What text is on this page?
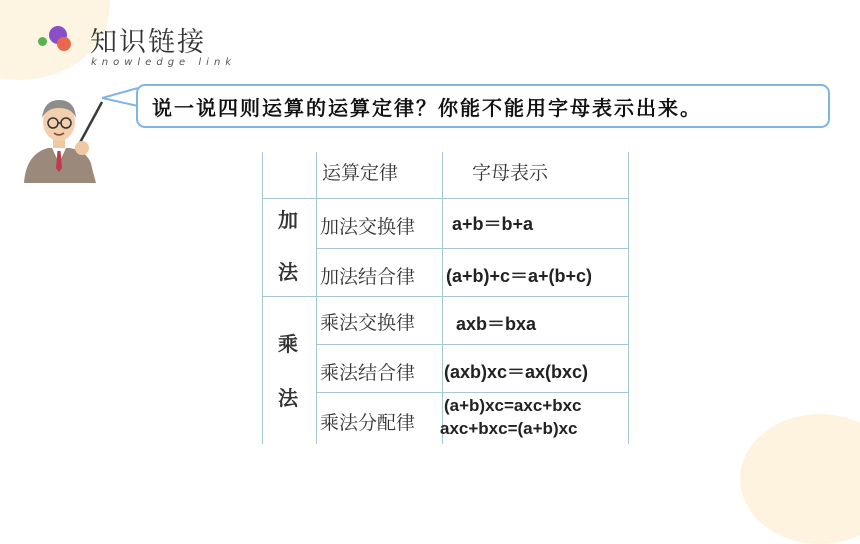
知识链接
knowledge link
说一说四则运算的运算定律？你能不能用字母表示出来。
运算定律	字母表示
加
法
乘
法
加法交换律 a+b＝b+a
加法结合律 (a+b)+c＝a+(b+c)
乘法交换律 axb＝bxa
乘法结合律 (axb)xc＝ax(bxc)
乘法分配律
(a+b)xc=axc+bxc
axc+bxc=(a+b)xc
